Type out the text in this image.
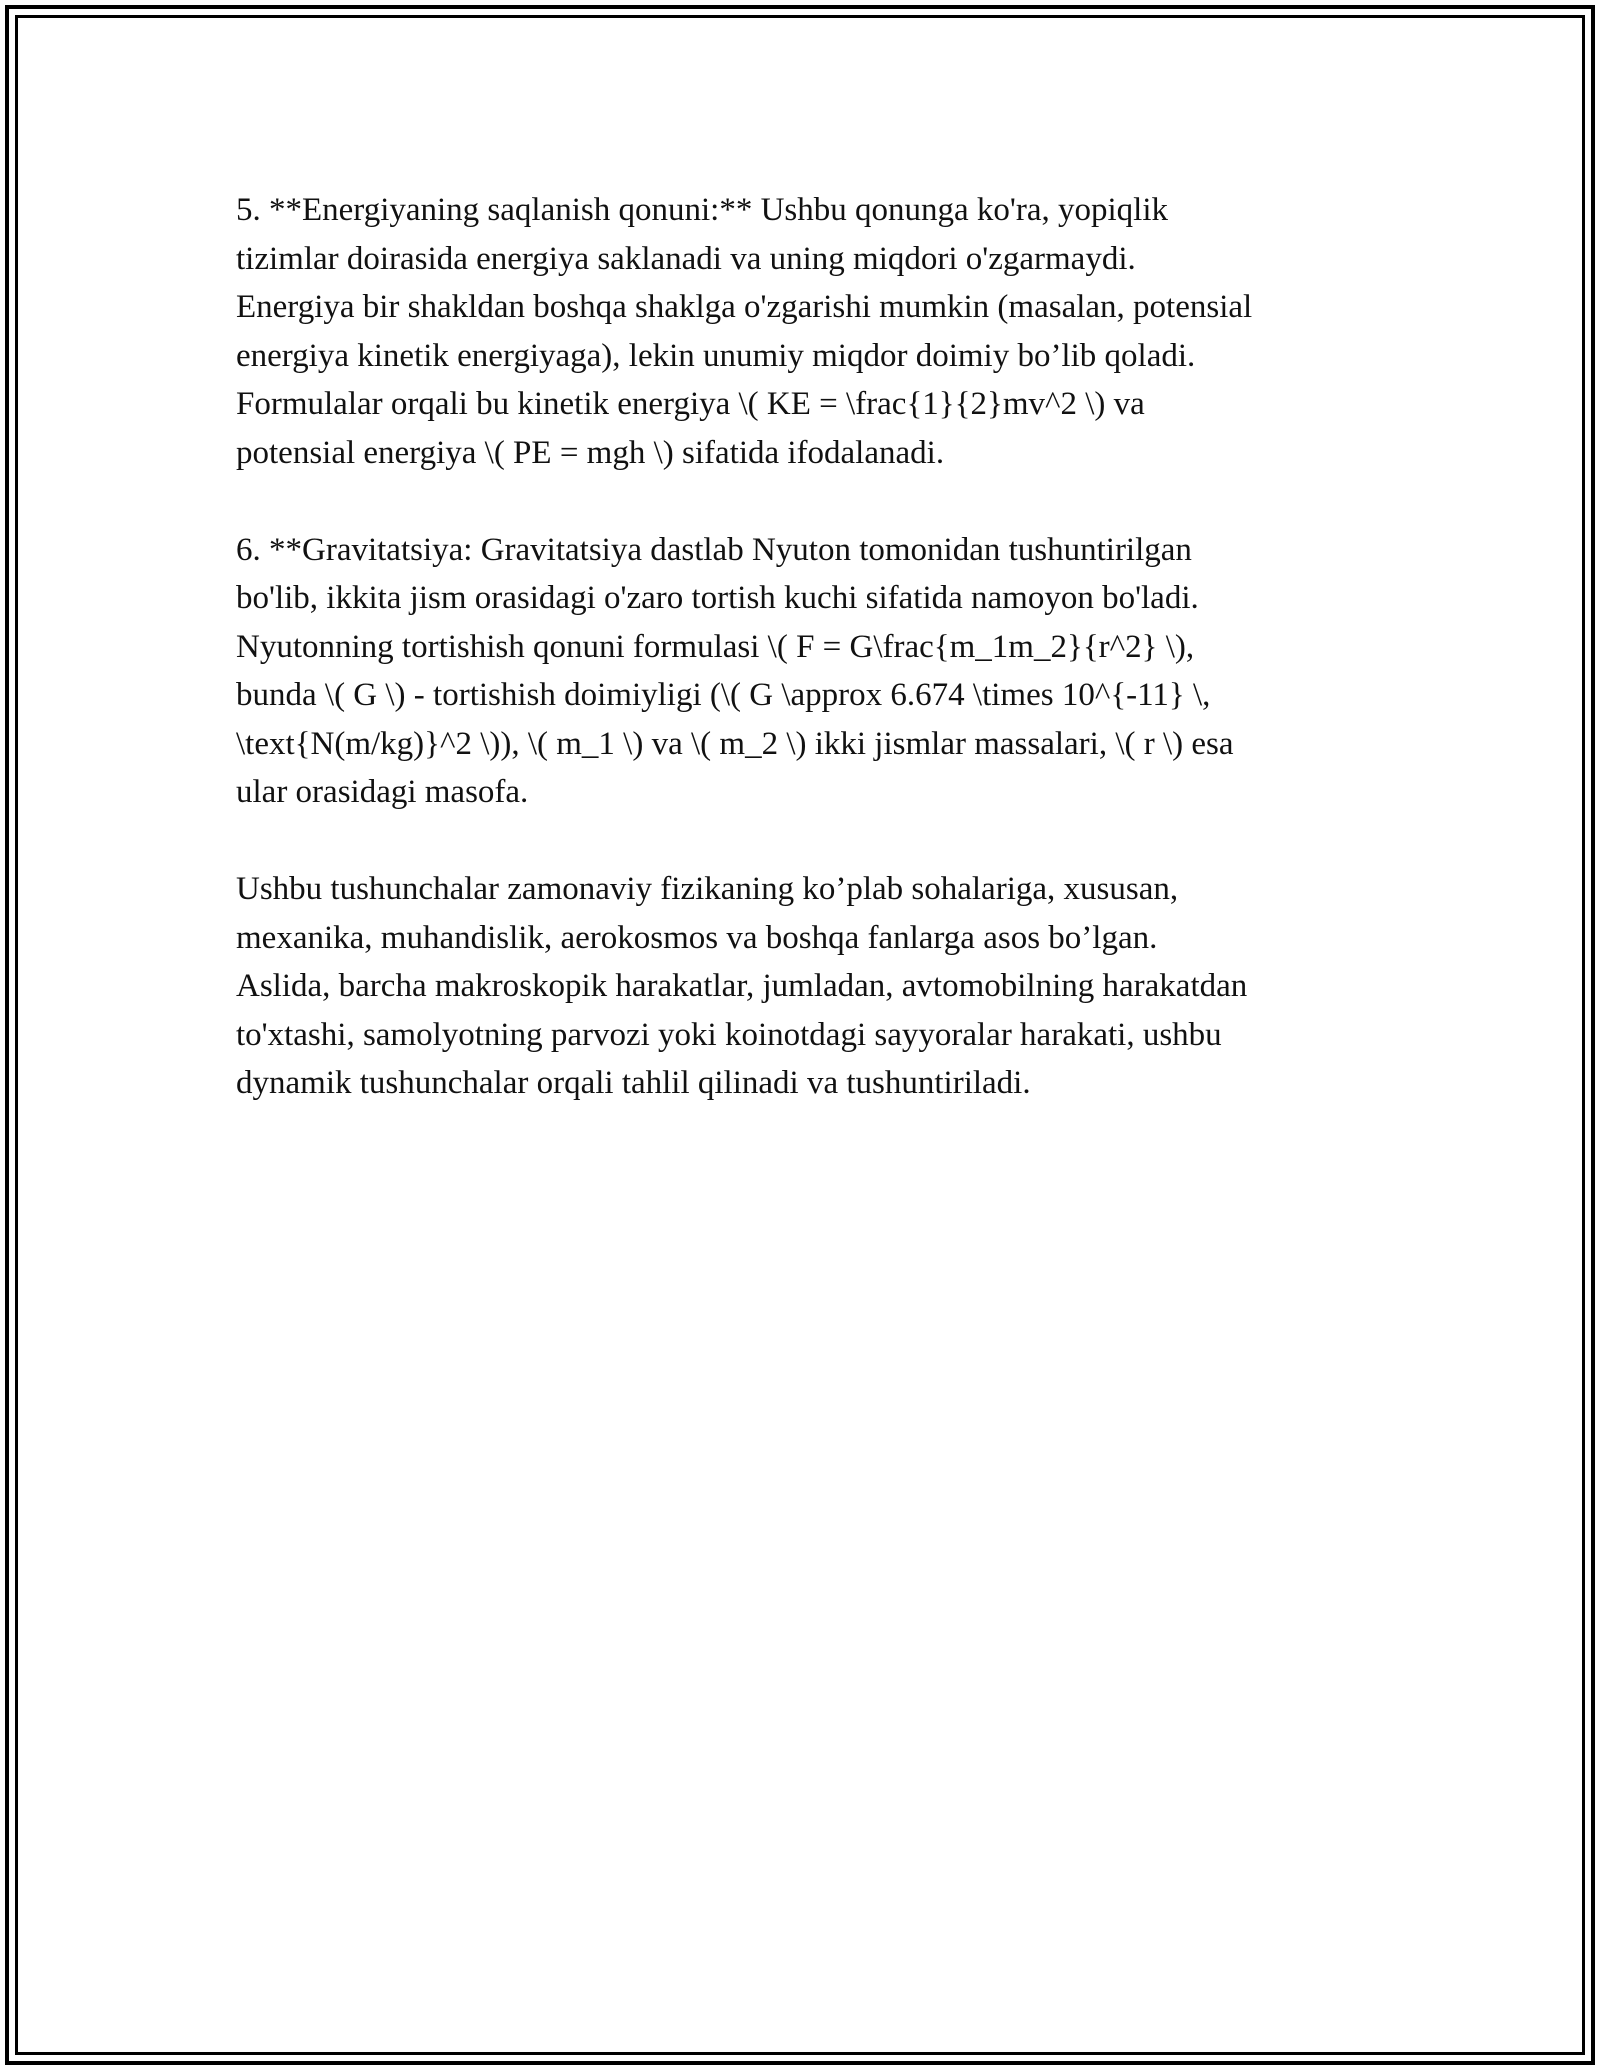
5. **Energiyaning saqlanish qonuni:** Ushbu qonunga ko'ra, yopiqlik
tizimlar doirasida energiya saklanadi va uning miqdori o'zgarmaydi.
Energiya bir shakldan boshqa shaklga o'zgarishi mumkin (masalan, potensial
energiya kinetik energiyaga), lekin unumiy miqdor doimiy bo’lib qoladi.
Formulalar orqali bu kinetik energiya \( KE = \frac{1}{2}mv^2 \) va
potensial energiya \( PE = mgh \) sifatida ifodalanadi.

6. **Gravitatsiya: Gravitatsiya dastlab Nyuton tomonidan tushuntirilgan
bo'lib, ikkita jism orasidagi o'zaro tortish kuchi sifatida namoyon bo'ladi.
Nyutonning tortishish qonuni formulasi \( F = G\frac{m_1m_2}{r^2} \),
bunda \( G \) - tortishish doimiyligi (\( G \approx 6.674 \times 10^{-11} \,
\text{N(m/kg)}^2 \)), \( m_1 \) va \( m_2 \) ikki jismlar massalari, \( r \) esa
ular orasidagi masofa.

Ushbu tushunchalar zamonaviy fizikaning ko’plab sohalariga, xususan,
mexanika, muhandislik, aerokosmos va boshqa fanlarga asos bo’lgan.
Aslida, barcha makroskopik harakatlar, jumladan, avtomobilning harakatdan
to'xtashi, samolyotning parvozi yoki koinotdagi sayyoralar harakati, ushbu
dynamik tushunchalar orqali tahlil qilinadi va tushuntiriladi.
